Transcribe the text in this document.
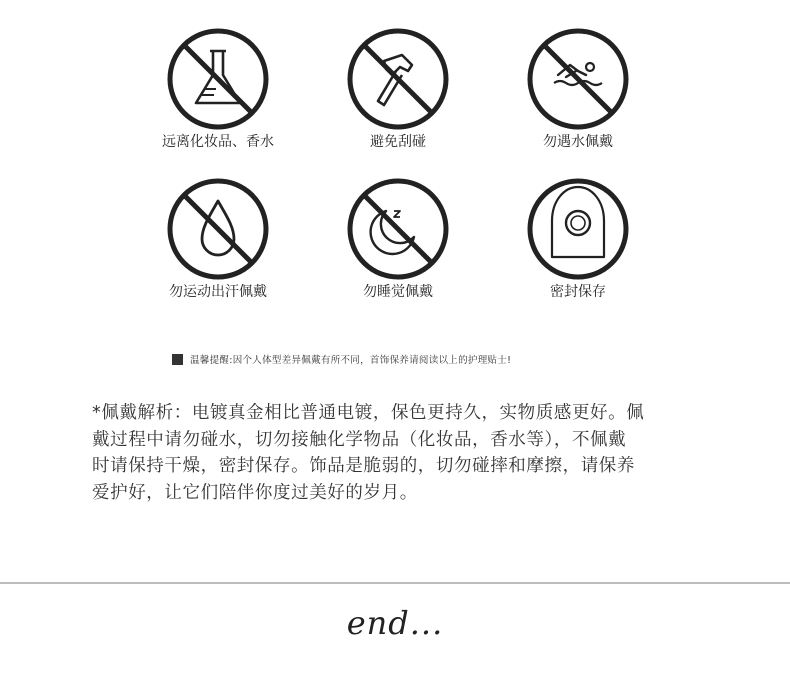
远离化妆品、香水	避免刮碰	勿遇水佩戴
勿运动出汗佩戴	勿睡觉佩戴	密封保存
温馨提醒:因个人体型差异佩戴有所不同，首饰保养请阅读以上的护理贴士!
*佩戴解析：电镀真金相比普通电镀，保色更持久，实物质感更好。佩
戴过程中请勿碰水，切勿接触化学物品（化妆品，香水等），不佩戴
时请保持干燥，密封保存。饰品是脆弱的，切勿碰摔和摩擦，请保养
爱护好，让它们陪伴你度过美好的岁月。
end...
